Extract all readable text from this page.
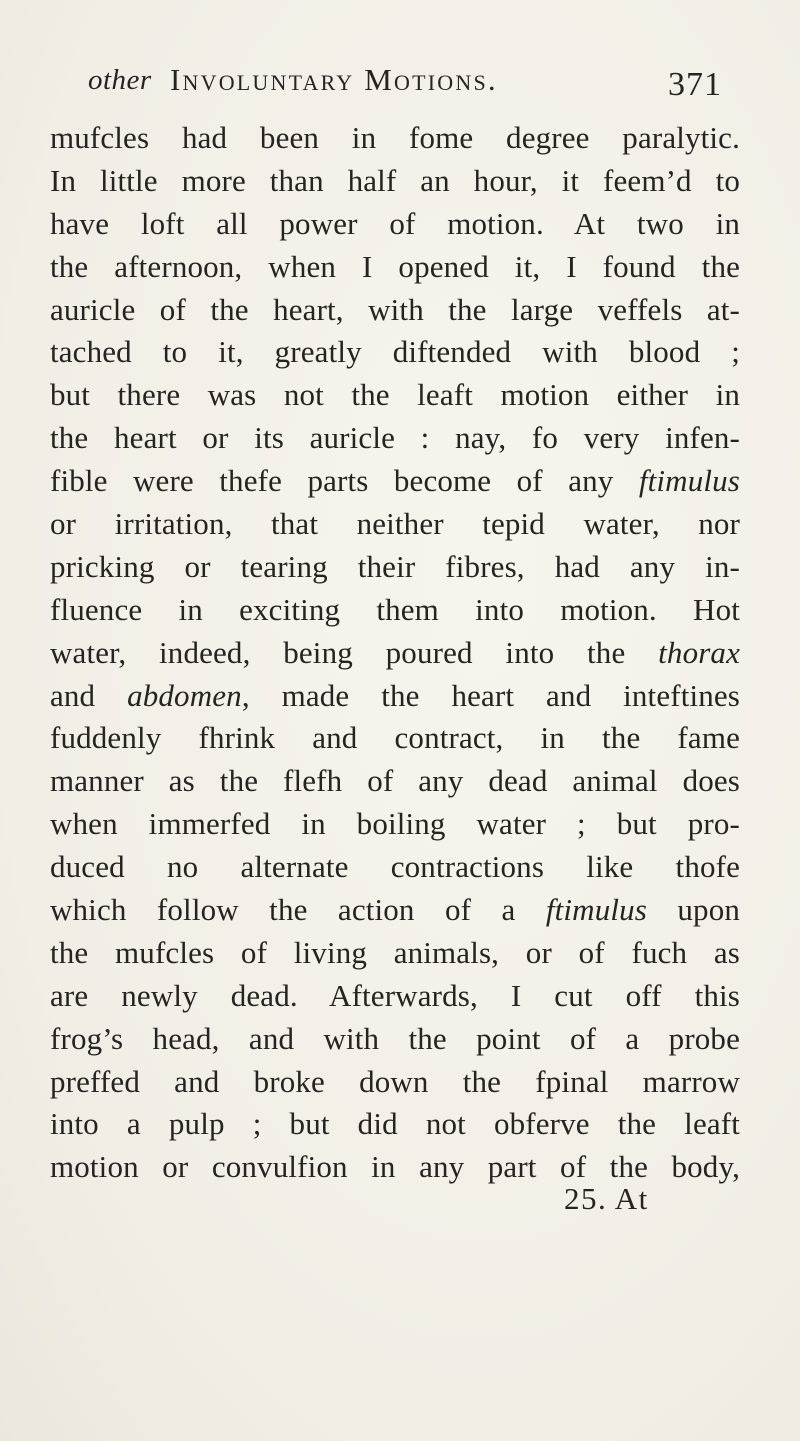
other Involuntary Motions.	371
mufcles had been in fome degree paralytic.
In little more than half an hour, it feem’d to
have loft all power of motion. At two in
the afternoon, when I opened it, I found the
auricle of the heart, with the large veffels at-
tached to it, greatly diftended with blood ;
but there was not the leaft motion either in
the heart or its auricle : nay, fo very infen-
fible were thefe parts become of any ftimulus
or irritation, that neither tepid water, nor
pricking or tearing their fibres, had any in-
fluence in exciting them into motion. Hot
water, indeed, being poured into the thorax
and abdomen, made the heart and inteftines
fuddenly fhrink and contract, in the fame
manner as the flefh of any dead animal does
when immerfed in boiling water ; but pro-
duced no alternate contractions like thofe
which follow the action of a ftimulus upon
the mufcles of living animals, or of fuch as
are newly dead. Afterwards, I cut off this
frog’s head, and with the point of a probe
preffed and broke down the fpinal marrow
into a pulp ; but did not obferve the leaft
motion or convulfion in any part of the body,
25. At
